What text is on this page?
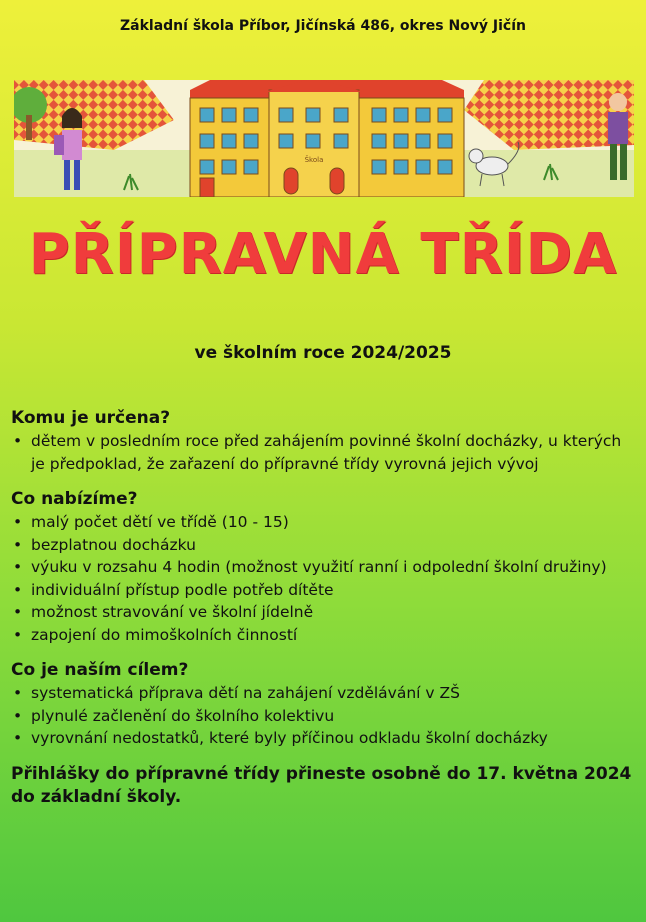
Základní škola Příbor, Jičínská 486, okres Nový Jičín
Škola
PŘÍPRAVNÁ TŘÍDA
ve školním roce 2024/2025
Komu je určena?
• dětem v posledním roce před zahájením povinné školní docházky, u kterých je předpoklad, že zařazení do přípravné třídy vyrovná jejich vývoj
Co nabízíme?
• malý počet dětí ve třídě (10 - 15)
• bezplatnou docházku
• výuku v rozsahu 4 hodin (možnost využití ranní i odpolední školní družiny)
• individuální přístup podle potřeb dítěte
• možnost stravování ve školní jídelně
• zapojení do mimoškolních činností
Co je naším cílem?
• systematická příprava dětí na zahájení vzdělávání v ZŠ
• plynulé začlenění do školního kolektivu
• vyrovnání nedostatků, které byly příčinou odkladu školní docházky
Přihlášky do přípravné třídy přineste osobně do 17. května 2024 do základní školy.
